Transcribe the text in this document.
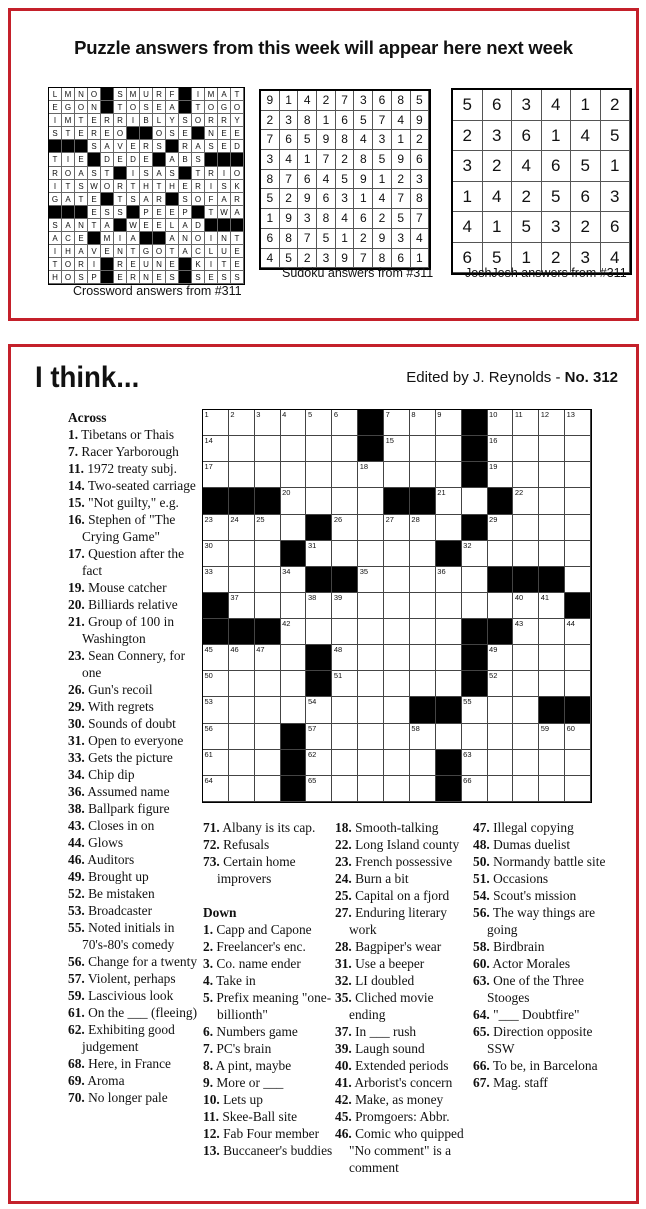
Puzzle answers from this week will appear here next week
L M N O	S M U R F	I	M A T
E G O N	T O S E A	T O G O
I	M T E R R	I	B	L	Y S O R R Y
S T E R E O	O S E	N E E
S A V E R S	R A S E D
T	I	E	D E D E	A B S
R O A S T	I	S A S	T R	I	O
I	T S W O R T H T H E R	I	S K
G A T E	T S A R	S O F A R
E S S	P E E P	T W A
S A N T A	W E E	L	A D
A C E	M	I	A	A N O	I	N T
I	H A V E N T G O T A C L U E
T O R	I	R E U N E	K	I	T E
H O S P	E R N E S	S E S S
9	1	4	2	7	3	6	8	5
2	3	8	1	6	5	7	4	9
7	6	5	9	8	4	3	1	2
3	4	1	7	2	8	5	9	6
8	7	6	4	5	9	1	2	3
5	2	9	6	3	1	4	7	8
1	9	3	8	4	6	2	5	7
6	8	7	5	1	2	9	3	4
4	5	2	3	9	7	8	6	1
5	6	3	4	1	2
2	3	6	1	4	5
3	2	4	6	5	1
1	4	2	5	6	3
4	1	5	3	2	6
6	5	1	2	3	4
Crossword answers from #311
Sudoku answers from #311	JoshJosh answers from #311
I think...	Edited by J. Reynolds - No. 312
1	2	3	4	5	6	7	8	9	10 11 12 13
14	15	16
17	18	19
20	21	22
23 24 25	26	27 28	29
30	31	32
33	34	35	36
37	38 39	40 41
42	43	44
45 46 47	48	49
50	51	52
53	54	55
56	57	58	59 60
61	62	63
64	65	66
Across
1. Tibetans or Thais
7. Racer Yarborough
11. 1972 treaty subj.
14. Two-seated carriage
15. "Not guilty," e.g.
16. Stephen of "The Crying Game"
17. Question after the fact
19. Mouse catcher
20. Billiards relative
21. Group of 100 in Washington
23. Sean Connery, for one
26. Gun's recoil
29. With regrets
30. Sounds of doubt
31. Open to everyone
33. Gets the picture
34. Chip dip
36. Assumed name
38. Ballpark figure
43. Closes in on
44. Glows
46. Auditors
49. Brought up
52. Be mistaken
53. Broadcaster
55. Noted initials in 70's-80's comedy
56. Change for a twenty
57. Violent, perhaps
59. Lascivious look
61. On the ___ (fleeing)
62. Exhibiting good judgement
68. Here, in France
69. Aroma
70. No longer pale
71. Albany is its cap.
72. Refusals
73. Certain home improvers
Down
1. Capp and Capone
2. Freelancer's enc.
3. Co. name ender
4. Take in
5. Prefix meaning "one-billionth"
6. Numbers game
7. PC's brain
8. A pint, maybe
9. More or ___
10. Lets up
11. Skee-Ball site
12. Fab Four member
13. Buccaneer's buddies
18. Smooth-talking
22. Long Island county
23. French possessive
24. Burn a bit
25. Capital on a fjord
27. Enduring literary work
28. Bagpiper's wear
31. Use a beeper
32. LI doubled
35. Cliched movie ending
37. In ___ rush
39. Laugh sound
40. Extended periods
41. Arborist's concern
42. Make, as money
45. Promgoers: Abbr.
46. Comic who quipped "No comment" is a comment
47. Illegal copying
48. Dumas duelist
50. Normandy battle site
51. Occasions
54. Scout's mission
56. The way things are going
58. Birdbrain
60. Actor Morales
63. One of the Three Stooges
64. "___ Doubtfire"
65. Direction opposite SSW
66. To be, in Barcelona
67. Mag. staff
